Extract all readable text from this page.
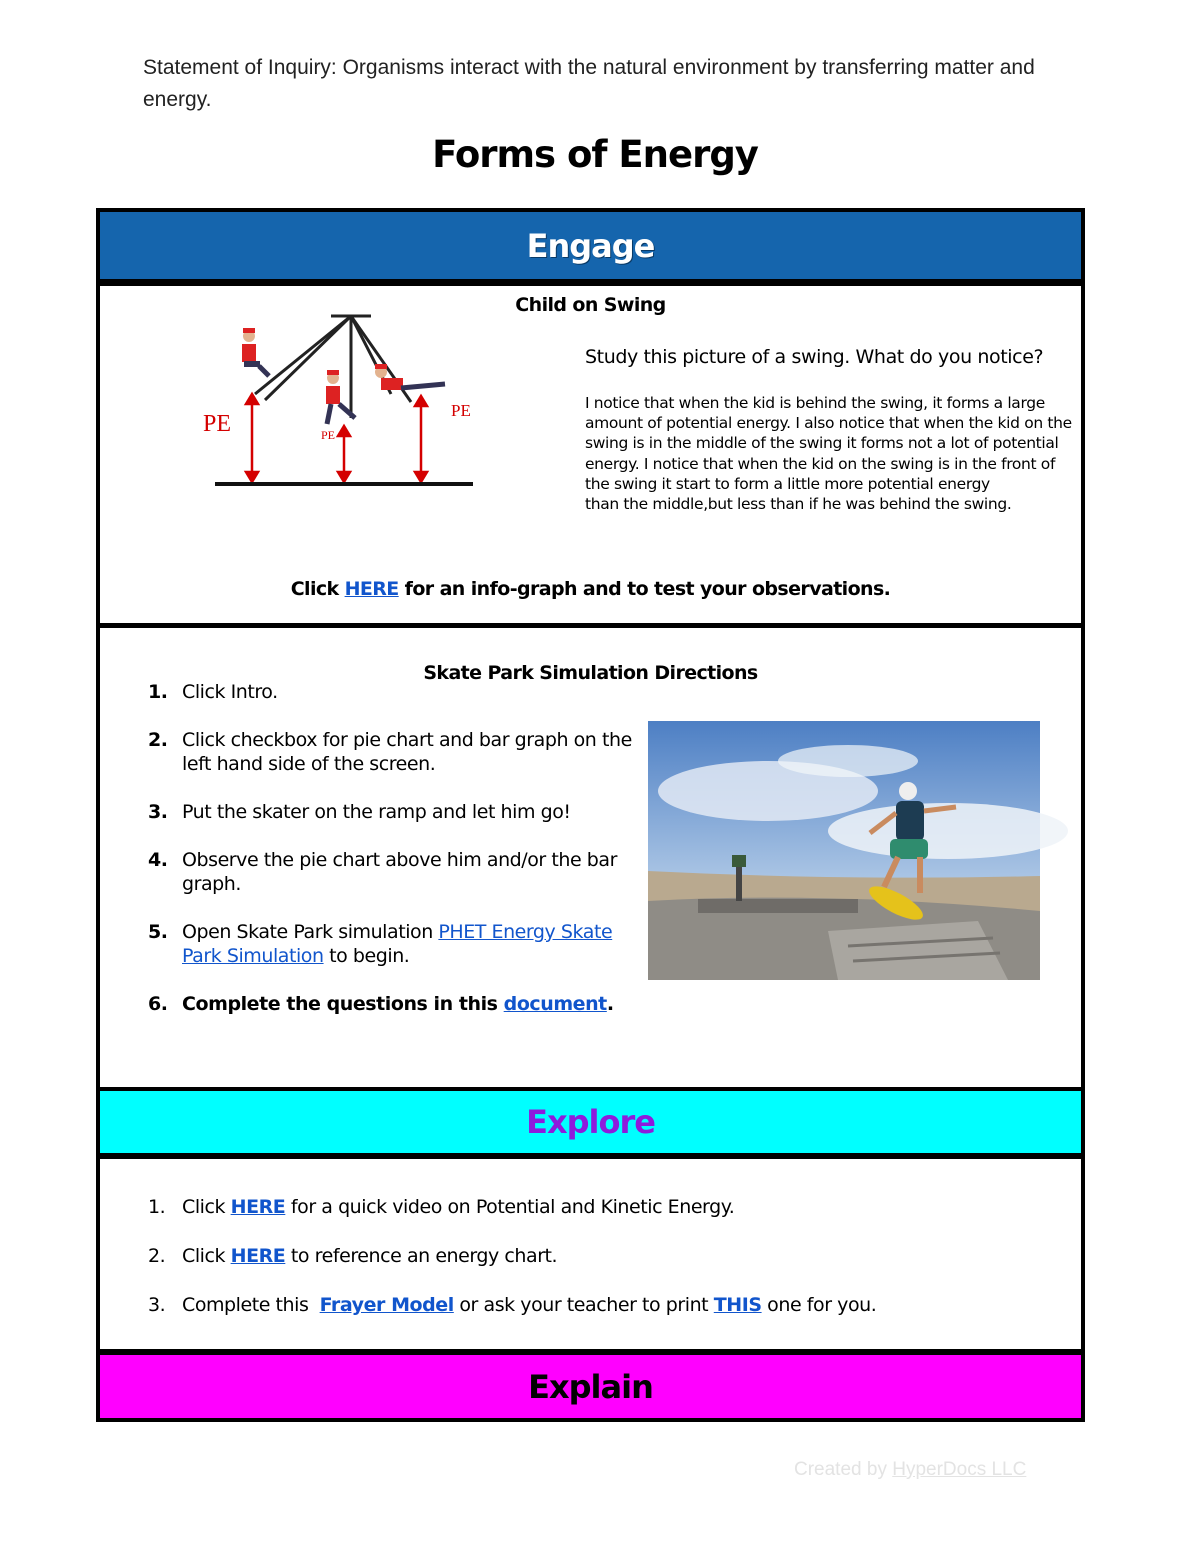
Statement of Inquiry: Organisms interact with the natural environment by transferring matter and energy.
Forms of Energy
Engage
Child on Swing
PE	PE
PE
Study this picture of a swing. What do you notice?
I notice that when the kid is behind the swing, it forms a large amount of potential energy. I also notice that when the kid on the swing is in the middle of the swing it forms not a lot of potential energy. I notice that when the kid on the swing is in the front of the swing it start to form a little more potential energy
than the middle,but less than if he was behind the swing.
Click HERE for an info-graph and to test your observations.
Skate Park Simulation Directions
1. Click Intro.
2. Click checkbox for pie chart and bar graph on the left hand side of the screen.
3. Put the skater on the ramp and let him go!
4. Observe the pie chart above him and/or the bar graph.
5. Open Skate Park simulation PHET Energy Skate Park Simulation to begin.
6. Complete the questions in this document.
Explore
1. Click HERE for a quick video on Potential and Kinetic Energy.
2. Click HERE to reference an energy chart.
3. Complete this  Frayer Model or ask your teacher to print THIS one for you.
Explain
Created by HyperDocs LLC
